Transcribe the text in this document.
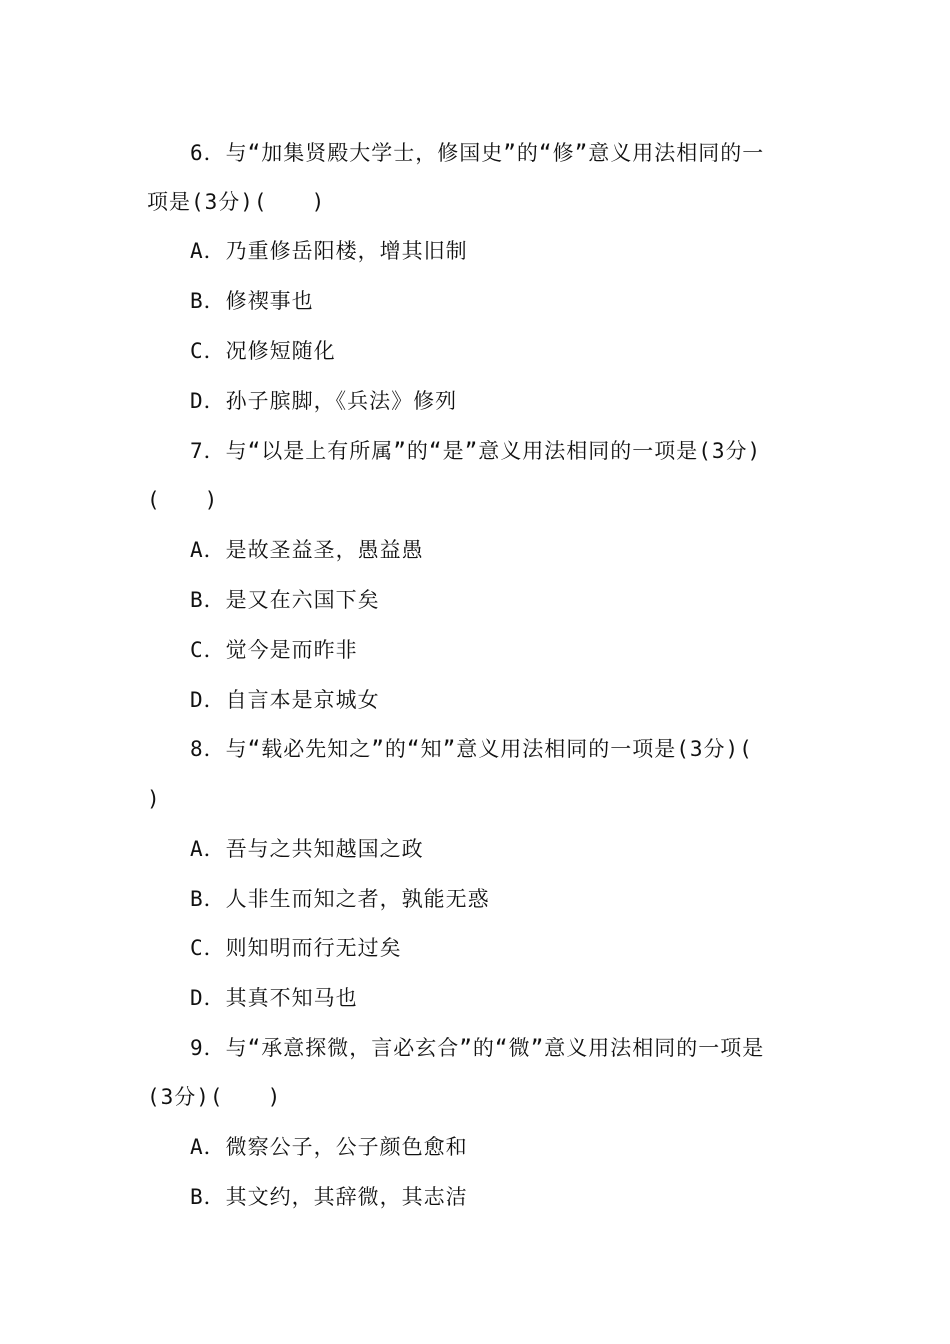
6．与“加集贤殿大学士，修国史”的“修”意义用法相同的一
项是(3分)(　　)
A．乃重修岳阳楼，增其旧制
B．修禊事也
C．况修短随化
D．孙子膑脚，《兵法》修列
7．与“以是上有所属”的“是”意义用法相同的一项是(3分)
(　　)
A．是故圣益圣，愚益愚
B．是又在六国下矣
C．觉今是而昨非
D．自言本是京城女
8．与“载必先知之”的“知”意义用法相同的一项是(3分)(
)
A．吾与之共知越国之政
B．人非生而知之者，孰能无惑
C．则知明而行无过矣
D．其真不知马也
9．与“承意探微，言必玄合”的“微”意义用法相同的一项是
(3分)(　　)
A．微察公子，公子颜色愈和
B．其文约，其辞微，其志洁
